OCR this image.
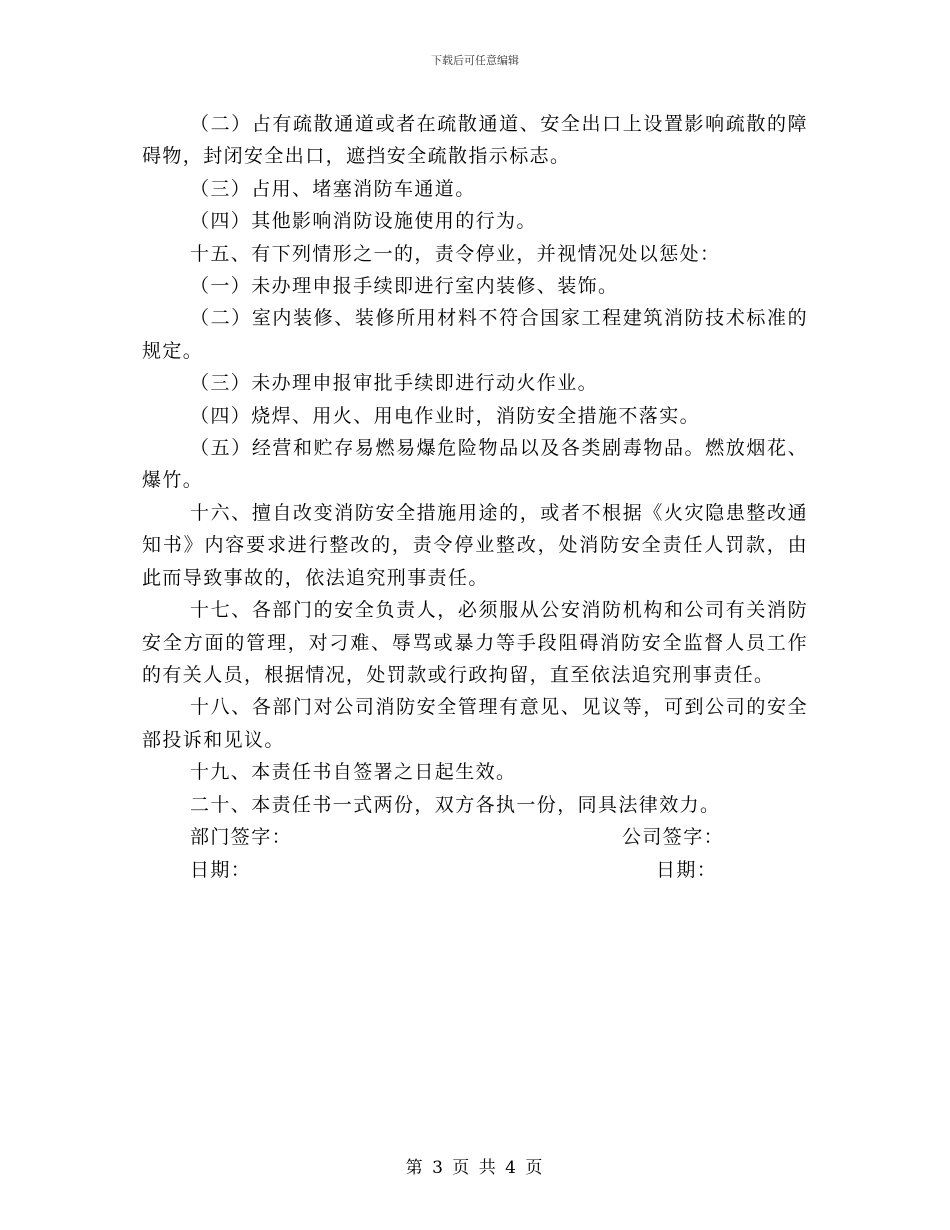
下载后可任意编辑

（二）占有疏散通道或者在疏散通道、安全出口上设置影响疏散的障碍物，封闭安全出口，遮挡安全疏散指示标志。

（三）占用、堵塞消防车通道。

（四）其他影响消防设施使用的行为。

十五、有下列情形之一的，责令停业，并视情况处以惩处：

（一）未办理申报手续即进行室内装修、装饰。

（二）室内装修、装修所用材料不符合国家工程建筑消防技术标准的规定。

（三）未办理申报审批手续即进行动火作业。

（四）烧焊、用火、用电作业时，消防安全措施不落实。

（五）经营和贮存易燃易爆危险物品以及各类剧毒物品。燃放烟花、爆竹。

十六、擅自改变消防安全措施用途的，或者不根据《火灾隐患整改通知书》内容要求进行整改的，责令停业整改，处消防安全责任人罚款，由此而导致事故的，依法追究刑事责任。

十七、各部门的安全负责人，必须服从公安消防机构和公司有关消防安全方面的管理，对刁难、辱骂或暴力等手段阻碍消防安全监督人员工作的有关人员，根据情况，处罚款或行政拘留，直至依法追究刑事责任。

十八、各部门对公司消防安全管理有意见、见议等，可到公司的安全部投诉和见议。

十九、本责任书自签署之日起生效。

二十、本责任书一式两份，双方各执一份，同具法律效力。

部门签字：	公司签字：
日期：	日期：
第 3 页 共 4 页
